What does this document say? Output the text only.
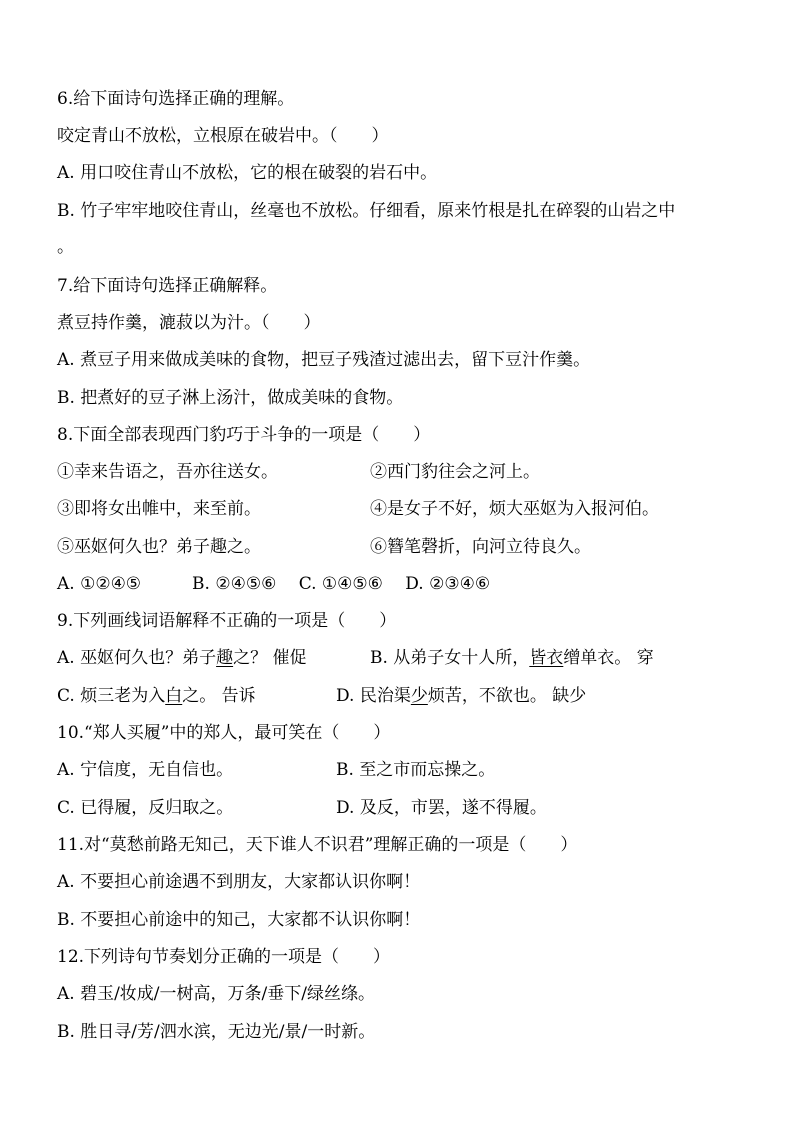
6.给下面诗句选择正确的理解。
咬定青山不放松，立根原在破岩中。（　　）
A. 用口咬住青山不放松，它的根在破裂的岩石中。
B. 竹子牢牢地咬住青山，丝毫也不放松。仔细看，原来竹根是扎在碎裂的山岩之中
。
7.给下面诗句选择正确解释。
煮豆持作羹，漉菽以为汁。（　　）
A. 煮豆子用来做成美味的食物，把豆子残渣过滤出去，留下豆汁作羹。
B. 把煮好的豆子淋上汤汁，做成美味的食物。
8.下面全部表现西门豹巧于斗争的一项是（　　）
①幸来告语之，吾亦往送女。	②西门豹往会之河上。
③即将女出帷中，来至前。	④是女子不好，烦大巫妪为入报河伯。
⑤巫妪何久也？弟子趣之。	⑥簪笔磬折，向河立待良久。
A. ①②④⑤　　　B. ②④⑤⑥　 C. ①④⑤⑥　 D. ②③④⑥
9.下列画线词语解释不正确的一项是（　　）
A. 巫妪何久也？弟子趣之？ 催促	B. 从弟子女十人所，皆衣缯单衣。 穿
C. 烦三老为入白之。 告诉	D. 民治渠少烦苦，不欲也。 缺少
10.“郑人买履”中的郑人，最可笑在（　　）
A. 宁信度，无自信也。	B. 至之市而忘操之。
C. 已得履，反归取之。	D. 及反，市罢，遂不得履。
11.对“莫愁前路无知己，天下谁人不识君”理解正确的一项是（　　）
A. 不要担心前途遇不到朋友，大家都认识你啊！
B. 不要担心前途中的知己，大家都不认识你啊！
12.下列诗句节奏划分正确的一项是（　　）
A. 碧玉/妆成/一树高，万条/垂下/绿丝绦。
B. 胜日寻/芳/泗水滨，无边光/景/一时新。
